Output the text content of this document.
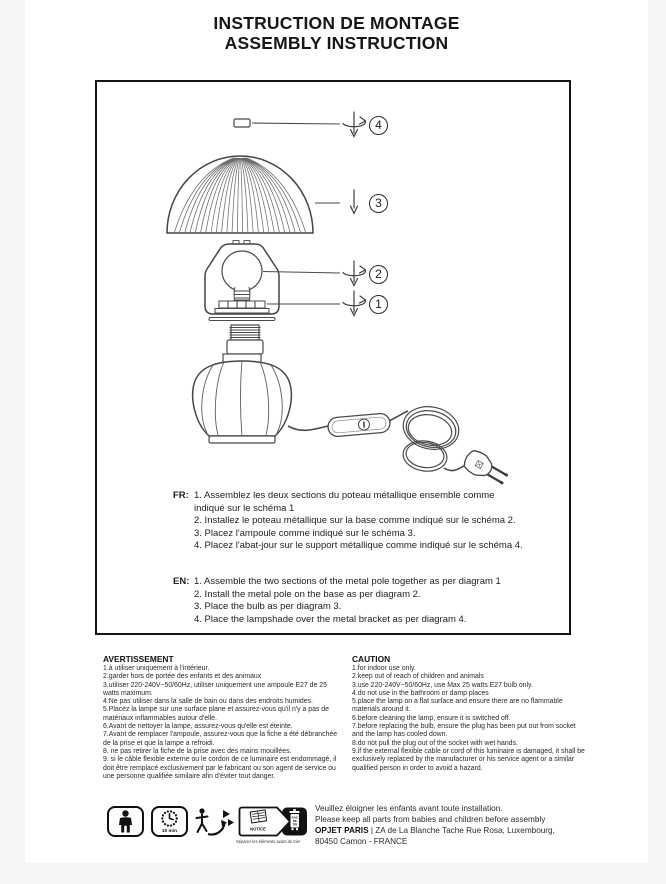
INSTRUCTION DE MONTAGE
ASSEMBLY INSTRUCTION
4
3
2
1
FR: 1. Assemblez les deux sections du poteau métallique ensemble comme indiqué sur le schéma 1
2. Installez le poteau métallique sur la base comme indiqué sur le schéma 2.
3. Placez l'ampoule comme indiqué sur le schéma 3.
4. Placez l'abat-jour sur le support métallique comme indiqué sur le schéma 4.
EN: 1. Assemble the two sections of the metal pole together as per diagram 1
2. Install the metal pole on the base as per diagram 2.
3. Place the bulb as per diagram 3.
4. Place the lampshade over the metal bracket as per diagram 4.
AVERTISSEMENT
1.à utiliser uniquement à l'intérieur.
2.garder hors de portée des enfants et des animaux
3.utiliser 220-240V~50/60Hz, utiliser uniquement une ampoule E27 de 25 watts maximum.
4.Ne pas utiliser dans la salle de bain ou dans des endroits humides.
5.Placez la lampe sur une surface plane et assurez-vous qu'il n'y a pas de matériaux inflammables autour d'elle.
6.Avant de nettoyer la lampe, assurez-vous qu'elle est éteinte.
7.Avant de remplacer l'ampoule, assurez-vous que la fiche a été débranchée de la prise et que la lampe a refroidi.
8. ne pas retirer la fiche de la prise avec des mains mouillées.
9. si le câble flexible externe ou le cordon de ce luminaire est endommagé, il doit être remplacé exclusivement par le fabricant ou son agent de service ou une personne qualifiée similaire afin d'éviter tout danger.
CAUTION
1.for indoor use only.
2.keep out of reach of children and animals
3.use 220-240V~50/60Hz, use Max 25 watts E27 bulb only.
4.do not use in the bathroom or damp places
5.place the lamp on a flat surface and ensure there are no flammable materials around it.
6.before cleaning the lamp, ensure it is switched off.
7.before replacing the bulb, ensure the plug has been put out from socket and the lamp has cooled down.
8.do not pull the plug out of the socket with wet hands.
9.if the external flexible cable or cord of this luminaire is damaged, it shall be exclusively replaced by the manufacturer or his service agent or a similar qualified person in order to avoid a hazard.
10 min	NOTICE
BAC
DE
TRI
Séparez les éléments avant de trier
Veuillez éloigner les enfants avant toute installation.
Please keep all parts from babies and children before assembly
OPJET PARIS | ZA de La Blanche Tache Rue Rosa, Luxembourg,
80450 Camon - FRANCE
